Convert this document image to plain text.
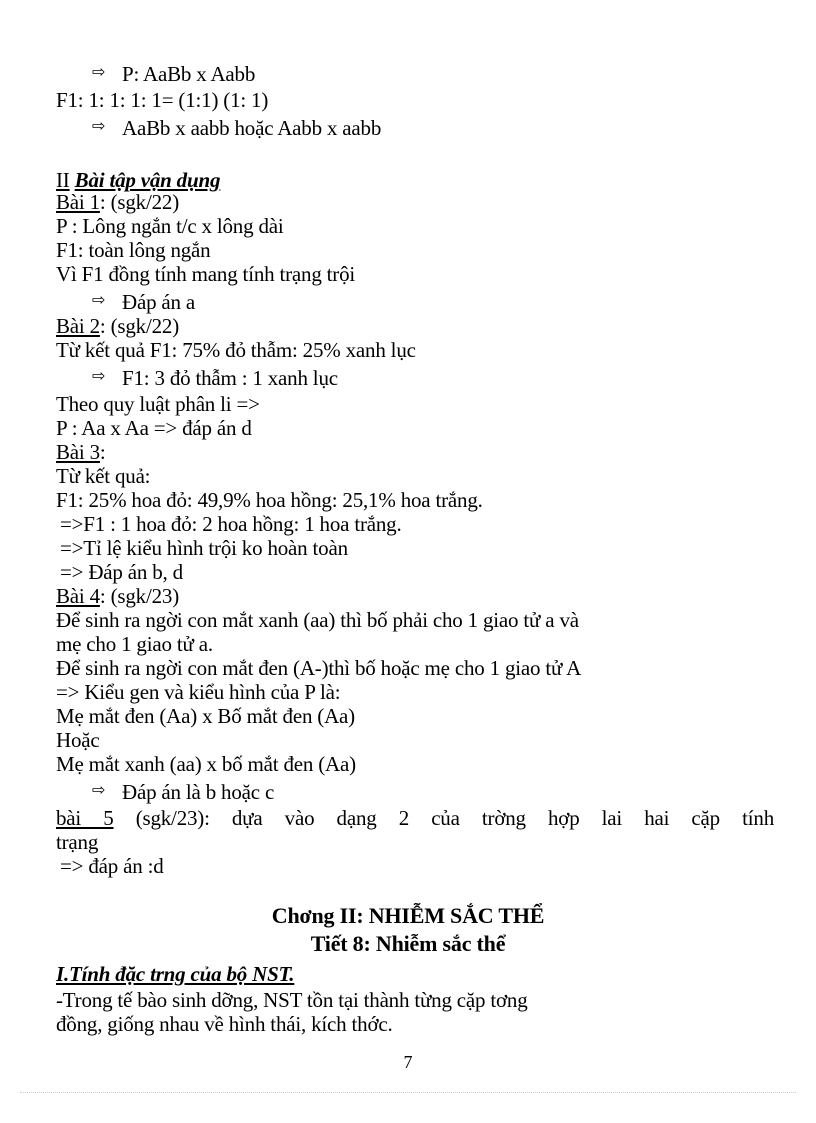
⇨ P: AaBb x Aabb
F1: 1: 1: 1: 1= (1:1) (1: 1)
⇨ AaBb x aabb hoặc Aabb x aabb
II Bài tập vận dụng
Bài 1: (sgk/22)
P : Lông ngắn t/c x lông dài
F1: toàn lông ngắn
Vì F1 đồng tính mang tính trạng trội
⇨ Đáp án a
Bài 2: (sgk/22)
Từ kết quả F1: 75% đỏ thẫm: 25% xanh lục
⇨ F1: 3 đỏ thẫm : 1 xanh lục
Theo quy luật phân li =>
P : Aa x Aa => đáp án d
Bài 3:
Từ kết quả:
F1: 25% hoa đỏ: 49,9% hoa hồng: 25,1% hoa trắng.
=>F1 : 1 hoa đỏ: 2 hoa hồng: 1 hoa trắng.
=>Tỉ lệ kiểu hình trội ko hoàn toàn
=> Đáp án b, d
Bài 4: (sgk/23)
Để sinh ra ngời con mắt xanh (aa) thì bố phải cho 1 giao tử a và
mẹ cho 1 giao tử a.
Để sinh ra ngời con mắt đen (A-)thì bố hoặc mẹ cho 1 giao tử A
=> Kiểu gen và kiểu hình của P là:
Mẹ mắt đen (Aa) x Bố mắt đen (Aa)
Hoặc
Mẹ mắt xanh (aa) x bố mắt đen (Aa)
⇨ Đáp án là b hoặc c
bài 5 (sgk/23): dựa vào dạng 2 của trờng hợp lai hai cặp tính
trạng
=> đáp án :d
Chơng II: NHIỄM SẮC THỂ
Tiết 8: Nhiễm sắc thể
I.Tính đặc trng của bộ NST.
-Trong tế bào sinh dỡng, NST tồn tại thành từng cặp tơng
đồng, giống nhau về hình thái, kích thớc.
7
